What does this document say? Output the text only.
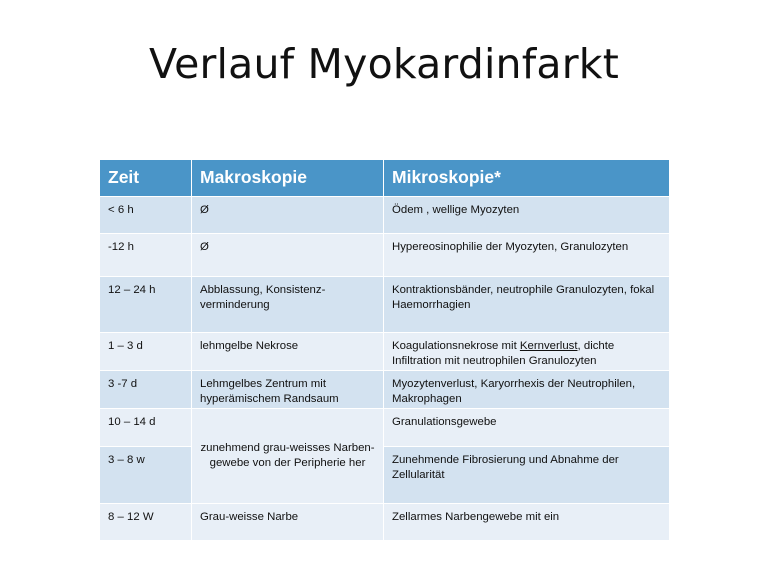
Verlauf Myokardinfarkt
Zeit	Makroskopie	Mikroskopie*
< 6 h	Ø	Ödem , wellige Myozyten
-12 h	Ø	Hypereosinophilie der Myozyten, Granulozyten
12 – 24 h	Abblassung, Konsistenz-verminderung	Kontraktionsbänder, neutrophile Granulozyten, fokal Haemorrhagien
1 – 3 d	lehmgelbe Nekrose	Koagulationsnekrose mit Kernverlust, dichte Infiltration mit neutrophilen Granulozyten
3 -7 d	Lehmgelbes Zentrum mit hyperämischem Randsaum	Myozytenverlust, Karyorrhexis der Neutrophilen, Makrophagen
10 – 14 d	zunehmend grau-weisses Narben-gewebe von der Peripherie her	Granulationsgewebe
3 – 8 w		Zunehmende Fibrosierung und Abnahme der Zellularität
8 – 12 W	Grau-weisse Narbe	Zellarmes Narbengewebe mit ein
